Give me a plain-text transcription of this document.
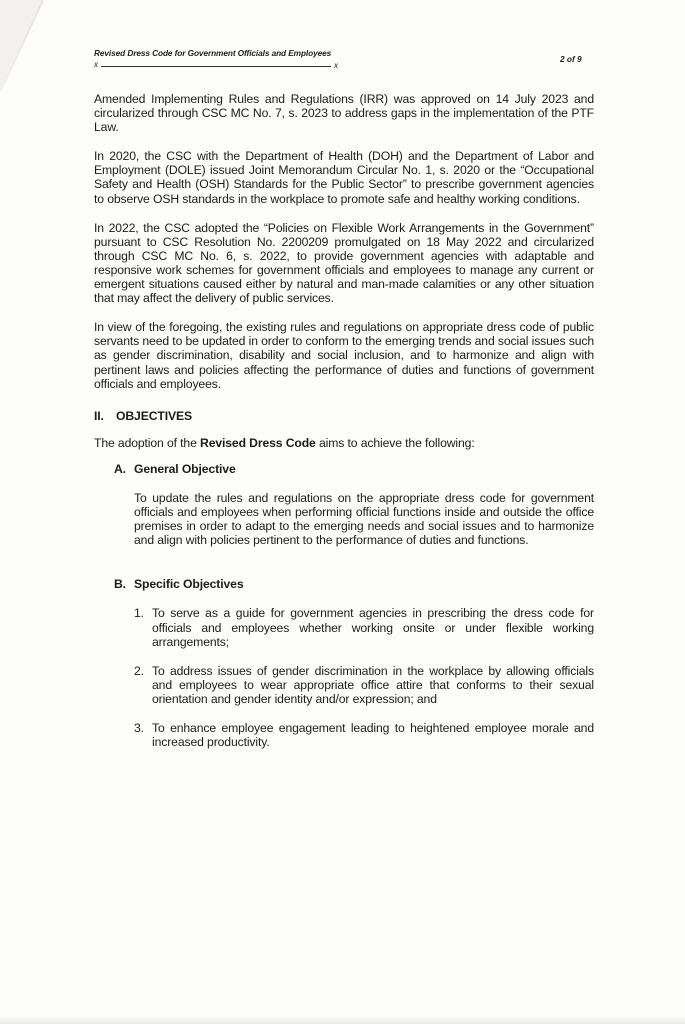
Revised Dress Code for Government Officials and Employees
x	x
2 of 9

Amended Implementing Rules and Regulations (IRR) was approved on 14 July 2023 and circularized through CSC MC No. 7, s. 2023 to address gaps in the implementation of the PTF Law.

In 2020, the CSC with the Department of Health (DOH) and the Department of Labor and Employment (DOLE) issued Joint Memorandum Circular No. 1, s. 2020 or the “Occupational Safety and Health (OSH) Standards for the Public Sector” to prescribe government agencies to observe OSH standards in the workplace to promote safe and healthy working conditions.

In 2022, the CSC adopted the “Policies on Flexible Work Arrangements in the Government” pursuant to CSC Resolution No. 2200209 promulgated on 18 May 2022 and circularized through CSC MC No. 6, s. 2022, to provide government agencies with adaptable and responsive work schemes for government officials and employees to manage any current or emergent situations caused either by natural and man-made calamities or any other situation that may affect the delivery of public services.

In view of the foregoing, the existing rules and regulations on appropriate dress code of public servants need to be updated in order to conform to the emerging trends and social issues such as gender discrimination, disability and social inclusion, and to harmonize and align with pertinent laws and policies affecting the performance of duties and functions of government officials and employees.

II. OBJECTIVES

The adoption of the Revised Dress Code aims to achieve the following:

A. General Objective

To update the rules and regulations on the appropriate dress code for government officials and employees when performing official functions inside and outside the office premises in order to adapt to the emerging needs and social issues and to harmonize and align with policies pertinent to the performance of duties and functions.

B. Specific Objectives
1. To serve as a guide for government agencies in prescribing the dress code for officials and employees whether working onsite or under flexible working arrangements;
2. To address issues of gender discrimination in the workplace by allowing officials and employees to wear appropriate office attire that conforms to their sexual orientation and gender identity and/or expression; and
3. To enhance employee engagement leading to heightened employee morale and increased productivity.
